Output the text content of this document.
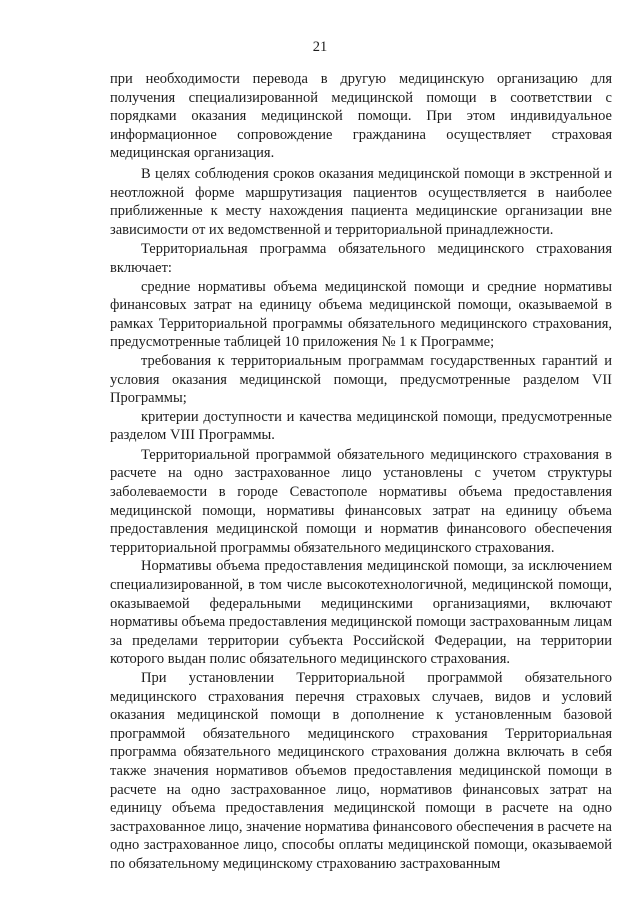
21

при необходимости перевода в другую медицинскую организацию для получения специализированной медицинской помощи в соответствии с порядками оказания медицинской помощи. При этом индивидуальное информационное сопровождение гражданина осуществляет страховая медицинская организация.

В целях соблюдения сроков оказания медицинской помощи в экстренной и неотложной форме маршрутизация пациентов осуществляется в наиболее приближенные к месту нахождения пациента медицинские организации вне зависимости от их ведомственной и территориальной принадлежности.

Территориальная программа обязательного медицинского страхования включает:

средние нормативы объема медицинской помощи и средние нормативы финансовых затрат на единицу объема медицинской помощи, оказываемой в рамках Территориальной программы обязательного медицинского страхования, предусмотренные таблицей 10 приложения № 1 к Программе;

требования к территориальным программам государственных гарантий и условия оказания медицинской помощи, предусмотренные разделом VII Программы;

критерии доступности и качества медицинской помощи, предусмотренные разделом VIII Программы.

Территориальной программой обязательного медицинского страхования в расчете на одно застрахованное лицо установлены с учетом структуры заболеваемости в городе Севастополе нормативы объема предоставления медицинской помощи, нормативы финансовых затрат на единицу объема предоставления медицинской помощи и норматив финансового обеспечения территориальной программы обязательного медицинского страхования.

Нормативы объема предоставления медицинской помощи, за исключением специализированной, в том числе высокотехнологичной, медицинской помощи, оказываемой федеральными медицинскими организациями, включают нормативы объема предоставления медицинской помощи застрахованным лицам за пределами территории субъекта Российской Федерации, на территории которого выдан полис обязательного медицинского страхования.

При установлении Территориальной программой обязательного медицинского страхования перечня страховых случаев, видов и условий оказания медицинской помощи в дополнение к установленным базовой программой обязательного медицинского страхования Территориальная программа обязательного медицинского страхования должна включать в себя также значения нормативов объемов предоставления медицинской помощи в расчете на одно застрахованное лицо, нормативов финансовых затрат на единицу объема предоставления медицинской помощи в расчете на одно застрахованное лицо, значение норматива финансового обеспечения в расчете на одно застрахованное лицо, способы оплаты медицинской помощи, оказываемой по обязательному медицинскому страхованию застрахованным
